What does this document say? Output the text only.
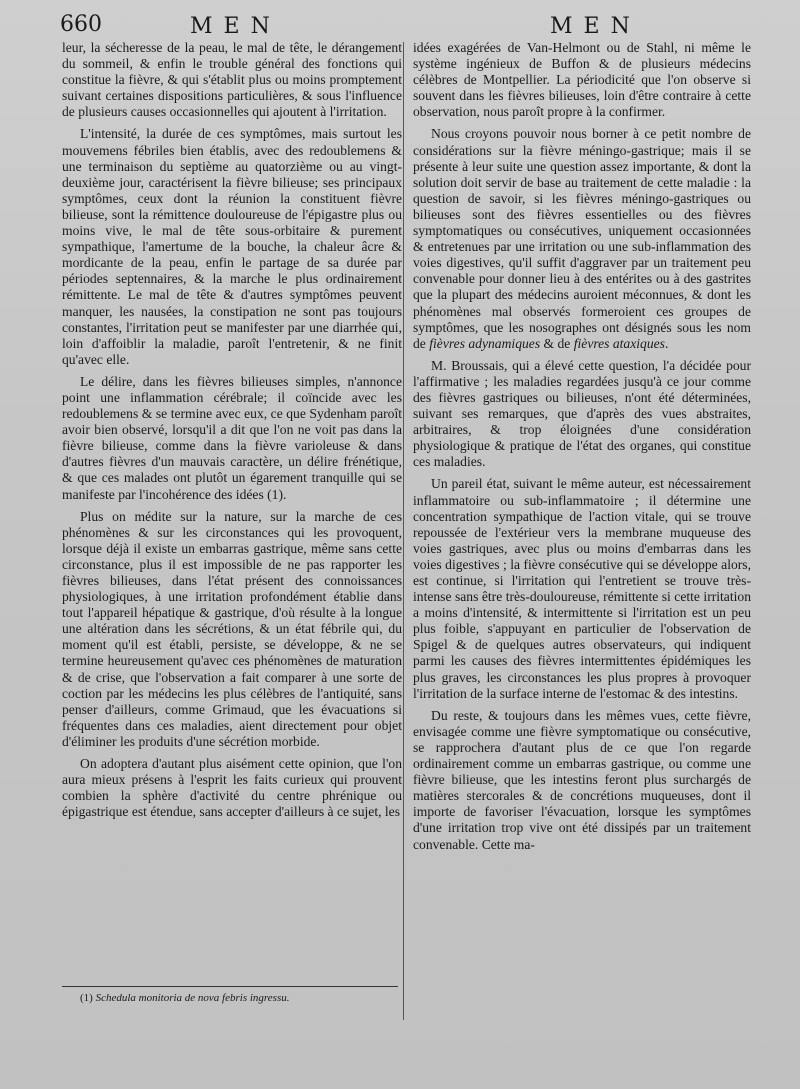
660	MEN	MEN

leur, la sécheresse de la peau, le mal de tête, le dérangement du sommeil, & enfin le trouble général des fonctions qui constitue la fièvre, & qui s'établit plus ou moins promptement suivant certaines dispositions particulières, & sous l'influence de plusieurs causes occasionnelles qui ajoutent à l'irritation.

L'intensité, la durée de ces symptômes, mais surtout les mouvemens fébriles bien établis, avec des redoublemens & une terminaison du septième au quatorzième ou au vingt-deuxième jour, caractérisent la fièvre bilieuse; ses principaux symptômes, ceux dont la réunion la constituent fièvre bilieuse, sont la rémittence douloureuse de l'épigastre plus ou moins vive, le mal de tête sous-orbitaire & purement sympathique, l'amertume de la bouche, la chaleur âcre & mordicante de la peau, enfin le partage de sa durée par périodes septennaires, & la marche le plus ordinairement rémittente. Le mal de tête & d'autres symptômes peuvent manquer, les nausées, la constipation ne sont pas toujours constantes, l'irritation peut se manifester par une diarrhée qui, loin d'affoiblir la maladie, paroît l'entretenir, & ne finit qu'avec elle.

Le délire, dans les fièvres bilieuses simples, n'annonce point une inflammation cérébrale; il coïncide avec les redoublemens & se termine avec eux, ce que Sydenham paroît avoir bien observé, lorsqu'il a dit que l'on ne voit pas dans la fièvre bilieuse, comme dans la fièvre varioleuse & dans d'autres fièvres d'un mauvais caractère, un délire frénétique, & que ces malades ont plutôt un égarement tranquille qui se manifeste par l'incohérence des idées (1).

Plus on médite sur la nature, sur la marche de ces phénomènes & sur les circonstances qui les provoquent, lorsque déjà il existe un embarras gastrique, même sans cette circonstance, plus il est impossible de ne pas rapporter les fièvres bilieuses, dans l'état présent des connoissances physiologiques, à une irritation profondément établie dans tout l'appareil hépatique & gastrique, d'où résulte à la longue une altération dans les sécrétions, & un état fébrile qui, du moment qu'il est établi, persiste, se développe, & ne se termine heureusement qu'avec ces phénomènes de maturation & de crise, que l'observation a fait comparer à une sorte de coction par les médecins les plus célèbres de l'antiquité, sans penser d'ailleurs, comme Grimaud, que les évacuations si fréquentes dans ces maladies, aient directement pour objet d'éliminer les produits d'une sécrétion morbide.

On adoptera d'autant plus aisément cette opinion, que l'on aura mieux présens à l'esprit les faits curieux qui prouvent combien la sphère d'activité du centre phrénique ou épigastrique est étendue, sans accepter d'ailleurs à ce sujet, les

idées exagérées de Van-Helmont ou de Stahl, ni même le système ingénieux de Buffon & de plusieurs médecins célèbres de Montpellier. La périodicité que l'on observe si souvent dans les fièvres bilieuses, loin d'être contraire à cette observation, nous paroît propre à la confirmer.

Nous croyons pouvoir nous borner à ce petit nombre de considérations sur la fièvre méningo-gastrique; mais il se présente à leur suite une question assez importante, & dont la solution doit servir de base au traitement de cette maladie : la question de savoir, si les fièvres méningo-gastriques ou bilieuses sont des fièvres essentielles ou des fièvres symptomatiques ou consécutives, uniquement occasionnées & entretenues par une irritation ou une sub-inflammation des voies digestives, qu'il suffit d'aggraver par un traitement peu convenable pour donner lieu à des entérites ou à des gastrites que la plupart des médecins auroient méconnues, & dont les phénomènes mal observés formeroient ces groupes de symptômes, que les nosographes ont désignés sous les nom de fièvres adynamiques & de fièvres ataxiques.

M. Broussais, qui a élevé cette question, l'a décidée pour l'affirmative ; les maladies regardées jusqu'à ce jour comme des fièvres gastriques ou bilieuses, n'ont été déterminées, suivant ses remarques, que d'après des vues abstraites, arbitraires, & trop éloignées d'une considération physiologique & pratique de l'état des organes, qui constitue ces maladies.

Un pareil état, suivant le même auteur, est nécessairement inflammatoire ou sub-inflammatoire ; il détermine une concentration sympathique de l'action vitale, qui se trouve repoussée de l'extérieur vers la membrane muqueuse des voies gastriques, avec plus ou moins d'embarras dans les voies digestives ; la fièvre consécutive qui se développe alors, est continue, si l'irritation qui l'entretient se trouve très-intense sans être très-douloureuse, rémittente si cette irritation a moins d'intensité, & intermittente si l'irritation est un peu plus foible, s'appuyant en particulier de l'observation de Spigel & de quelques autres observateurs, qui indiquent parmi les causes des fièvres intermittentes épidémiques les plus graves, les circonstances les plus propres à provoquer l'irritation de la surface interne de l'estomac & des intestins.

Du reste, & toujours dans les mêmes vues, cette fièvre, envisagée comme une fièvre symptomatique ou consécutive, se rapprochera d'autant plus de ce que l'on regarde ordinairement comme un embarras gastrique, ou comme une fièvre bilieuse, que les intestins feront plus surchargés de matières stercorales & de concrétions muqueuses, dont il importe de favoriser l'évacuation, lorsque les symptômes d'une irritation trop vive ont été dissipés par un traitement convenable. Cette ma-

(1) Schedula monitoria de nova febris ingressu.
